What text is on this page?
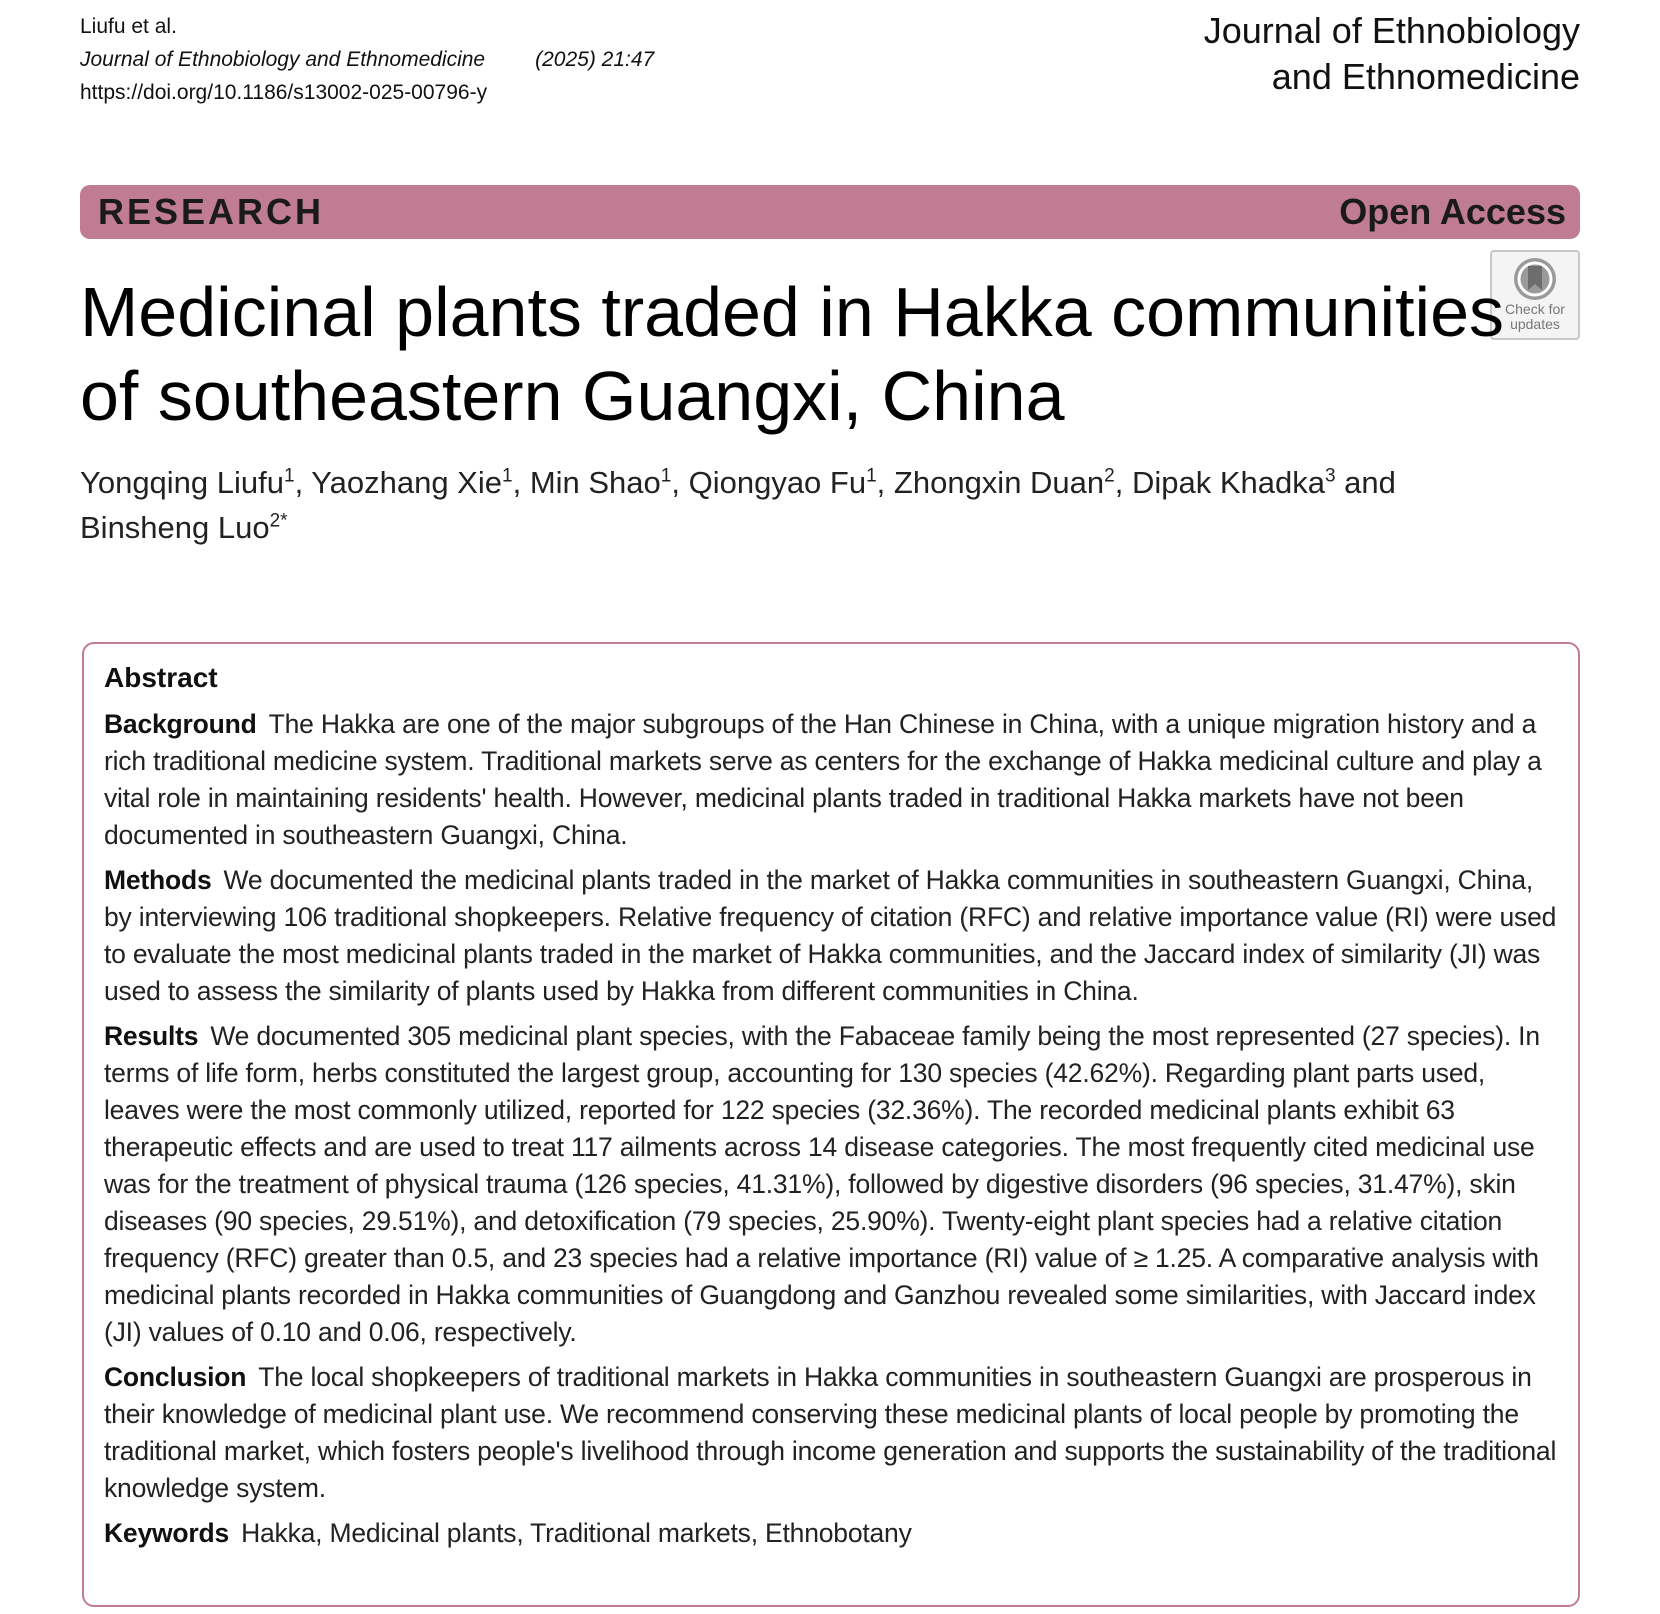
Liufu et al.
Journal of Ethnobiology and Ethnomedicine (2025) 21:47
https://doi.org/10.1186/s13002-025-00796-y
Journal of Ethnobiology
and Ethnomedicine
RESEARCH	Open Access
Check for
updates
Medicinal plants traded in Hakka communities of southeastern Guangxi, China
Yongqing Liufu$^1$, Yaozhang Xie$^1$, Min Shao$^1$, Qiongyao Fu$^1$, Zhongxin Duan$^2$, Dipak Khadka$^3$ and Binsheng Luo$^{2*}$
Abstract

Background The Hakka are one of the major subgroups of the Han Chinese in China, with a unique migration history and a rich traditional medicine system. Traditional markets serve as centers for the exchange of Hakka medicinal culture and play a vital role in maintaining residents' health. However, medicinal plants traded in traditional Hakka markets have not been documented in southeastern Guangxi, China.

Methods We documented the medicinal plants traded in the market of Hakka communities in southeastern Guangxi, China, by interviewing 106 traditional shopkeepers. Relative frequency of citation (RFC) and relative importance value (RI) were used to evaluate the most medicinal plants traded in the market of Hakka communities, and the Jaccard index of similarity (JI) was used to assess the similarity of plants used by Hakka from different communities in China.

Results We documented 305 medicinal plant species, with the Fabaceae family being the most represented (27 species). In terms of life form, herbs constituted the largest group, accounting for 130 species (42.62%). Regarding plant parts used, leaves were the most commonly utilized, reported for 122 species (32.36%). The recorded medicinal plants exhibit 63 therapeutic effects and are used to treat 117 ailments across 14 disease categories. The most frequently cited medicinal use was for the treatment of physical trauma (126 species, 41.31%), followed by digestive disorders (96 species, 31.47%), skin diseases (90 species, 29.51%), and detoxification (79 species, 25.90%). Twenty-eight plant species had a relative citation frequency (RFC) greater than 0.5, and 23 species had a relative importance (RI) value of ≥ 1.25. A comparative analysis with medicinal plants recorded in Hakka communities of Guangdong and Ganzhou revealed some similarities, with Jaccard index (JI) values of 0.10 and 0.06, respectively.

Conclusion The local shopkeepers of traditional markets in Hakka communities in southeastern Guangxi are prosperous in their knowledge of medicinal plant use. We recommend conserving these medicinal plants of local people by promoting the traditional market, which fosters people's livelihood through income generation and supports the sustainability of the traditional knowledge system.

Keywords Hakka, Medicinal plants, Traditional markets, Ethnobotany
